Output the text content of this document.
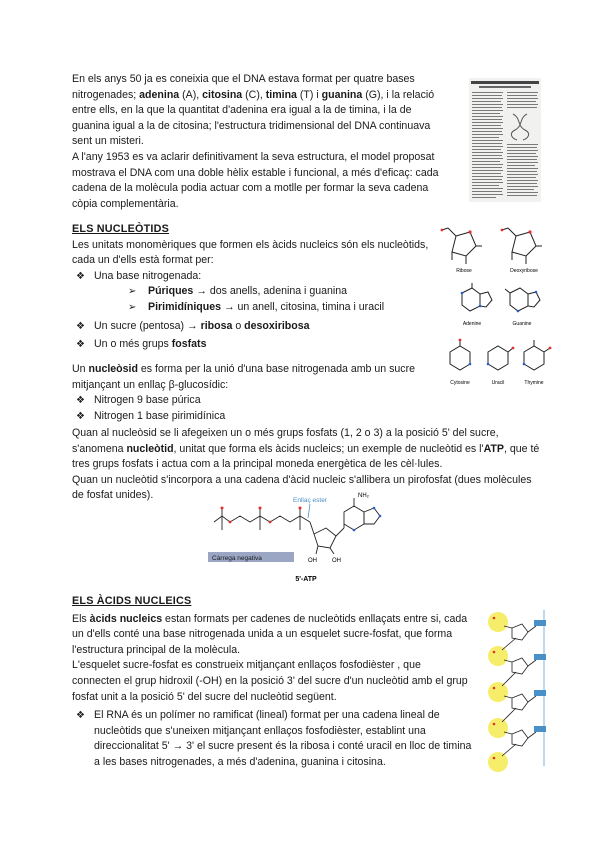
En els anys 50 ja es coneixia que el DNA estava format per quatre bases nitrogenades; adenina (A), citosina (C), timina (T) i guanina (G), i la relació entre ells, en la que la quantitat d'adenina era igual a la de timina, i la de guanina igual a la de citosina; l'estructura tridimensional del DNA continuava sent un misteri.

A l'any 1953 es va aclarir definitivament la seva estructura, el model proposat mostrava el DNA com una doble hèlix estable i funcional, a més d'eficaç: cada cadena de la molècula podia actuar com a motlle per formar la seva cadena còpia complementària.

ELS NUCLEÒTIDS

Les unitats monomèriques que formen els àcids nucleics són els nucleòtids, cada un d'ells està format per:

❖ Una base nitrogenada:
➢ Púriques → dos anells, adenina i guanina
➢ Pirimidíniques → un anell, citosina, timina i uracil
❖ Un sucre (pentosa) → ribosa o desoxiribosa
❖ Un o més grups fosfats

Un nucleòsid es forma per la unió d'una base nitrogenada amb un sucre mitjançant un enllaç β-glucosídic:

❖ Nitrogen 9 base púrica
❖ Nitrogen 1 base pirimidínica

Quan al nucleòsid se li afegeixen un o més grups fosfats (1, 2 o 3) a la posició 5' del sucre, s'anomena nucleòtid, unitat que forma els àcids nucleics; un exemple de nucleòtid es l'ATP, que té tres grups fosfats i actua com a la principal moneda energètica de les cèl·lules.

Quan un nucleòtid s'incorpora a una cadena d'àcid nucleic s'allibera un pirofosfat (dues molècules de fosfat unides).

Ribose	Deoxyribose
Adenine	Guanine
Cytosine	Uracil	Thymine
Enllaç ester
Càrrega negativa
NH₂
OH	OH
5'-ATP

ELS ÀCIDS NUCLEICS

Els àcids nucleics estan formats per cadenes de nucleòtids enllaçats entre si, cada un d'ells conté una base nitrogenada unida a un esquelet sucre-fosfat, que forma l'estructura principal de la molècula.

L'esquelet sucre-fosfat es construeix mitjançant enllaços fosfodièster , que connecten el grup hidroxil (-OH) en la posició 3' del sucre d'un nucleòtid amb el grup fosfat unit a la posició 5' del sucre del nucleòtid següent.

❖ El RNA és un polímer no ramificat (lineal) format per una cadena lineal de nucleòtids que s'uneixen mitjançant enllaços fosfodièster, establint una direccionalitat 5' → 3' el sucre present és la ribosa i conté uracil en lloc de timina a les bases nitrogenades, a més d'adenina, guanina i citosina.
